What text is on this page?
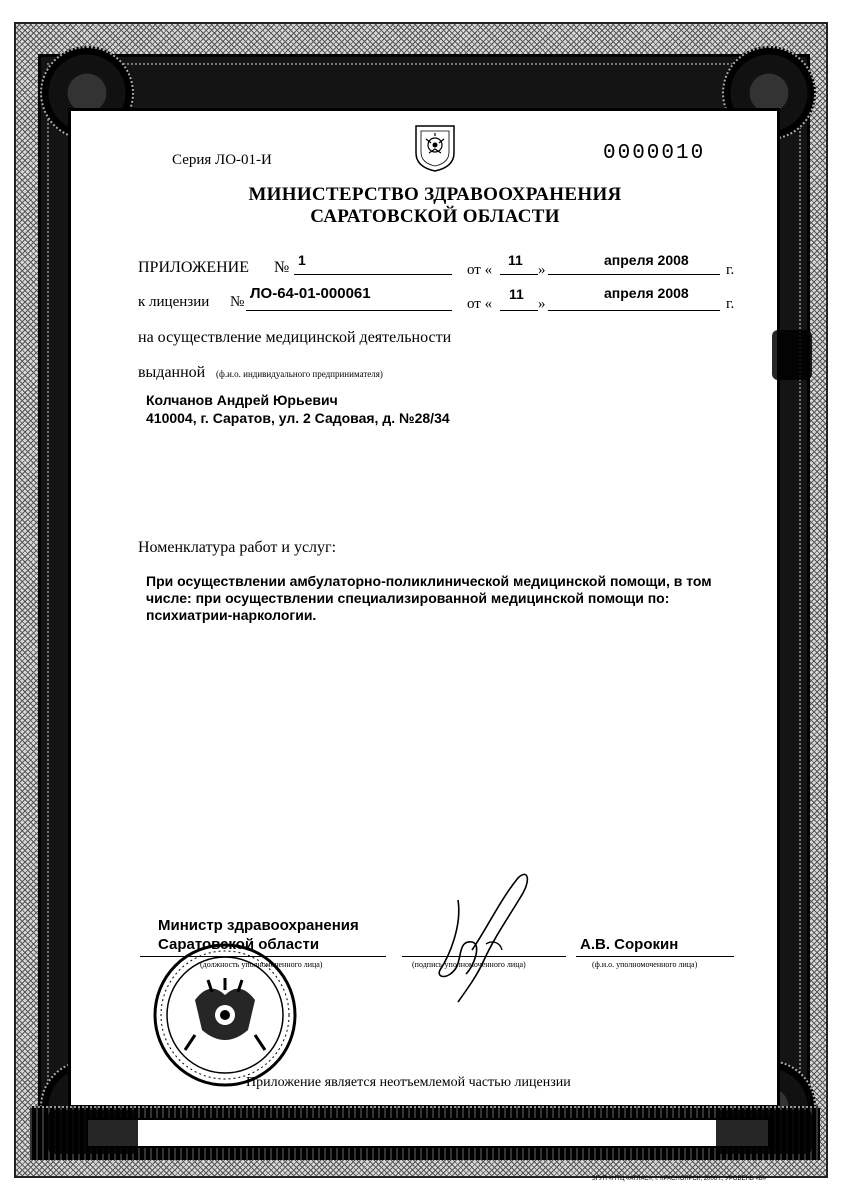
Серия ЛО-01-И	0000010
МИНИСТЕРСТВО ЗДРАВООХРАНЕНИЯ
САРАТОВСКОЙ ОБЛАСТИ
ПРИЛОЖЕНИЕ № 1
от «
11
»
апреля 2008
г.
к лицензии № ЛО-64-01-000061
от «
11
»
апреля 2008
г.
на осуществление медицинской деятельности
выданной (ф.и.о. индивидуального предпринимателя)
Колчанов Андрей Юрьевич
410004, г. Саратов, ул. 2 Садовая, д. №28/34
Номенклатура работ и услуг:
При осуществлении амбулаторно-поликлинической медицинской помощи, в том
числе: при осуществлении специализированной медицинской помощи по:
психиатрии-наркологии.
Министр здравоохранения
Саратовской области
(должность уполномоченного лица)	(подпись уполномоченного лица)
А.В. Сорокин
(ф.и.о. уполномоченного лица)
Приложение является неотъемлемой частью лицензии
ЗГУП «НТЦ «АТЛАС», г. КРАСНОЯРСК, 2006 г., УРОВЕНЬ «Б»
